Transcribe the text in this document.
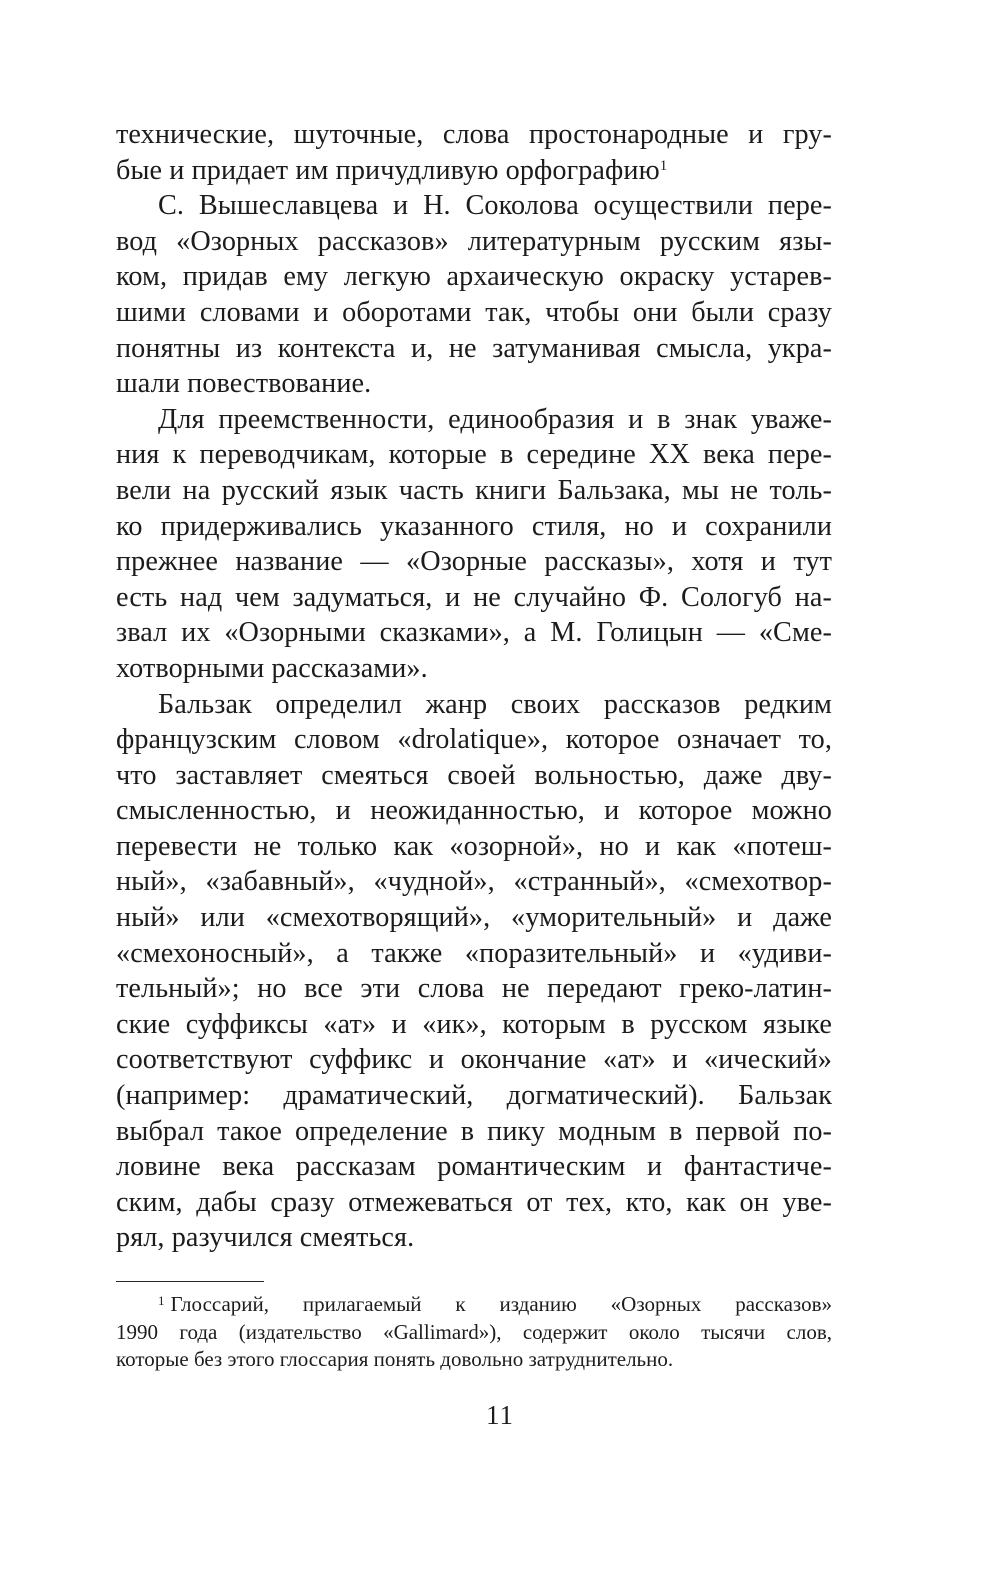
технические, шуточные, слова простонародные и гру-
бые и придает им причудливую орфографию$^1$
С. Вышеславцева и Н. Соколова осуществили пере-
вод «Озорных рассказов» литературным русским язы-
ком, придав ему легкую архаическую окраску устарев-
шими словами и оборотами так, чтобы они были сразу
понятны из контекста и, не затуманивая смысла, укра-
шали повествование.
Для преемственности, единообразия и в знак уваже-
ния к переводчикам, которые в середине XX века пере-
вели на русский язык часть книги Бальзака, мы не толь-
ко придерживались указанного стиля, но и сохранили
прежнее название — «Озорные рассказы», хотя и тут
есть над чем задуматься, и не случайно Ф. Сологуб на-
звал их «Озорными сказками», а М. Голицын — «Сме-
хотворными рассказами».
Бальзак определил жанр своих рассказов редким
французским словом «drolatique», которое означает то,
что заставляет смеяться своей вольностью, даже дву-
смысленностью, и неожиданностью, и которое можно
перевести не только как «озорной», но и как «потеш-
ный», «забавный», «чудной», «странный», «смехотвор-
ный» или «смехотворящий», «уморительный» и даже
«смехоносный», а также «поразительный» и «удиви-
тельный»; но все эти слова не передают греко-латин-
ские суффиксы «ат» и «ик», которым в русском языке
соответствуют суффикс и окончание «ат» и «ический»
(например: драматический, догматический). Бальзак
выбрал такое определение в пику модным в первой по-
ловине века рассказам романтическим и фантастиче-
ским, дабы сразу отмежеваться от тех, кто, как он уве-
рял, разучился смеяться.
$^1$ Глоссарий, прилагаемый к изданию «Озорных рассказов»
1990 года (издательство «Gallimard»), содержит около тысячи слов,
которые без этого глоссария понять довольно затруднительно.
11
